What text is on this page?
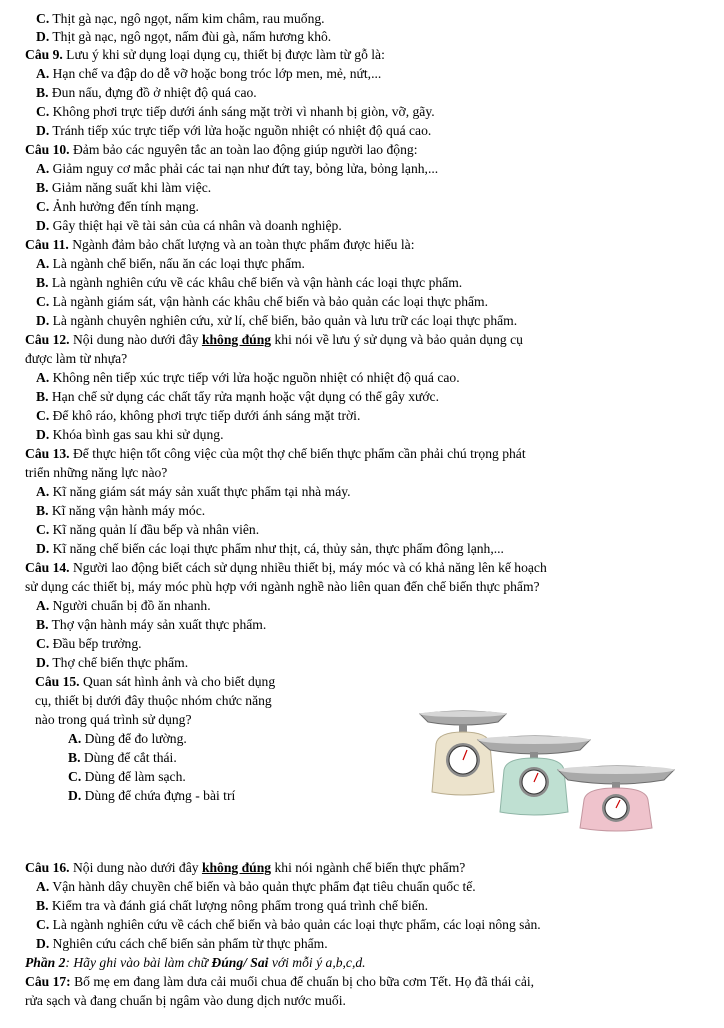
C. Thịt gà nạc, ngô ngọt, nấm kim châm, rau muống.
D. Thịt gà nạc, ngô ngọt, nấm đùi gà, nấm hương khô.
Câu 9. Lưu ý khi sử dụng loại dụng cụ, thiết bị được làm từ gỗ là:
A. Hạn chế va đập do dễ vỡ hoặc bong tróc lớp men, mẻ, nứt,...
B. Đun nấu, đựng đồ ở nhiệt độ quá cao.
C. Không phơi trực tiếp dưới ánh sáng mặt trời vì nhanh bị giòn, vỡ, gãy.
D. Tránh tiếp xúc trực tiếp với lửa hoặc nguồn nhiệt có nhiệt độ quá cao.
Câu 10. Đảm bảo các nguyên tắc an toàn lao động giúp người lao động:
A. Giảm nguy cơ mắc phải các tai nạn như đứt tay, bỏng lửa, bỏng lạnh,...
B. Giảm năng suất khi làm việc.
C. Ảnh hưởng đến tính mạng.
D. Gây thiệt hại về tài sản của cá nhân và doanh nghiệp.
Câu 11. Ngành đảm bảo chất lượng và an toàn thực phẩm được hiểu là:
A. Là ngành chế biến, nấu ăn các loại thực phẩm.
B. Là ngành nghiên cứu về các khâu chế biến và vận hành các loại thực phẩm.
C. Là ngành giám sát, vận hành các khâu chế biến và bảo quản các loại thực phẩm.
D. Là ngành chuyên nghiên cứu, xử lí, chế biến, bảo quản và lưu trữ các loại thực phẩm.
Câu 12. Nội dung nào dưới đây không đúng khi nói về lưu ý sử dụng và bảo quản dụng cụ
được làm từ nhựa?
A. Không nên tiếp xúc trực tiếp với lửa hoặc nguồn nhiệt có nhiệt độ quá cao.
B. Hạn chế sử dụng các chất tẩy rửa mạnh hoặc vật dụng có thể gây xước.
C. Để khô ráo, không phơi trực tiếp dưới ánh sáng mặt trời.
D. Khóa bình gas sau khi sử dụng.
Câu 13. Để thực hiện tốt công việc của một thợ chế biến thực phẩm cần phải chú trọng phát
triển những năng lực nào?
A. Kĩ năng giám sát máy sản xuất thực phẩm tại nhà máy.
B. Kĩ năng vận hành máy móc.
C. Kĩ năng quản lí đầu bếp và nhân viên.
D. Kĩ năng chế biến các loại thực phẩm như thịt, cá, thủy sản, thực phẩm đông lạnh,...
Câu 14. Người lao động biết cách sử dụng nhiều thiết bị, máy móc và có khả năng lên kế hoạch
sử dụng các thiết bị, máy móc phù hợp với ngành nghề nào liên quan đến chế biến thực phẩm?
A. Người chuẩn bị đồ ăn nhanh.
B. Thợ vận hành máy sản xuất thực phẩm.
C. Đầu bếp trưởng.
D. Thợ chế biến thực phẩm.
Câu 15. Quan sát hình ảnh và cho biết dụng
cụ, thiết bị dưới đây thuộc nhóm chức năng
nào trong quá trình sử dụng?
A. Dùng để đo lường.
B. Dùng để cắt thái.
C. Dùng để làm sạch.
D. Dùng để chứa đựng - bài trí
Câu 16. Nội dung nào dưới đây không đúng khi nói ngành chế biến thực phẩm?
A. Vận hành dây chuyền chế biến và bảo quản thực phẩm đạt tiêu chuẩn quốc tế.
B. Kiểm tra và đánh giá chất lượng nông phẩm trong quá trình chế biến.
C. Là ngành nghiên cứu về cách chế biến và bảo quản các loại thực phẩm, các loại nông sản.
D. Nghiên cứu cách chế biến sản phẩm từ thực phẩm.
Phần 2: Hãy ghi vào bài làm chữ Đúng/ Sai với mỗi ý a,b,c,d.
Câu 17: Bố mẹ em đang làm dưa cải muối chua để chuẩn bị cho bữa cơm Tết. Họ đã thái cải,
rửa sạch và đang chuẩn bị ngâm vào dung dịch nước muối.
